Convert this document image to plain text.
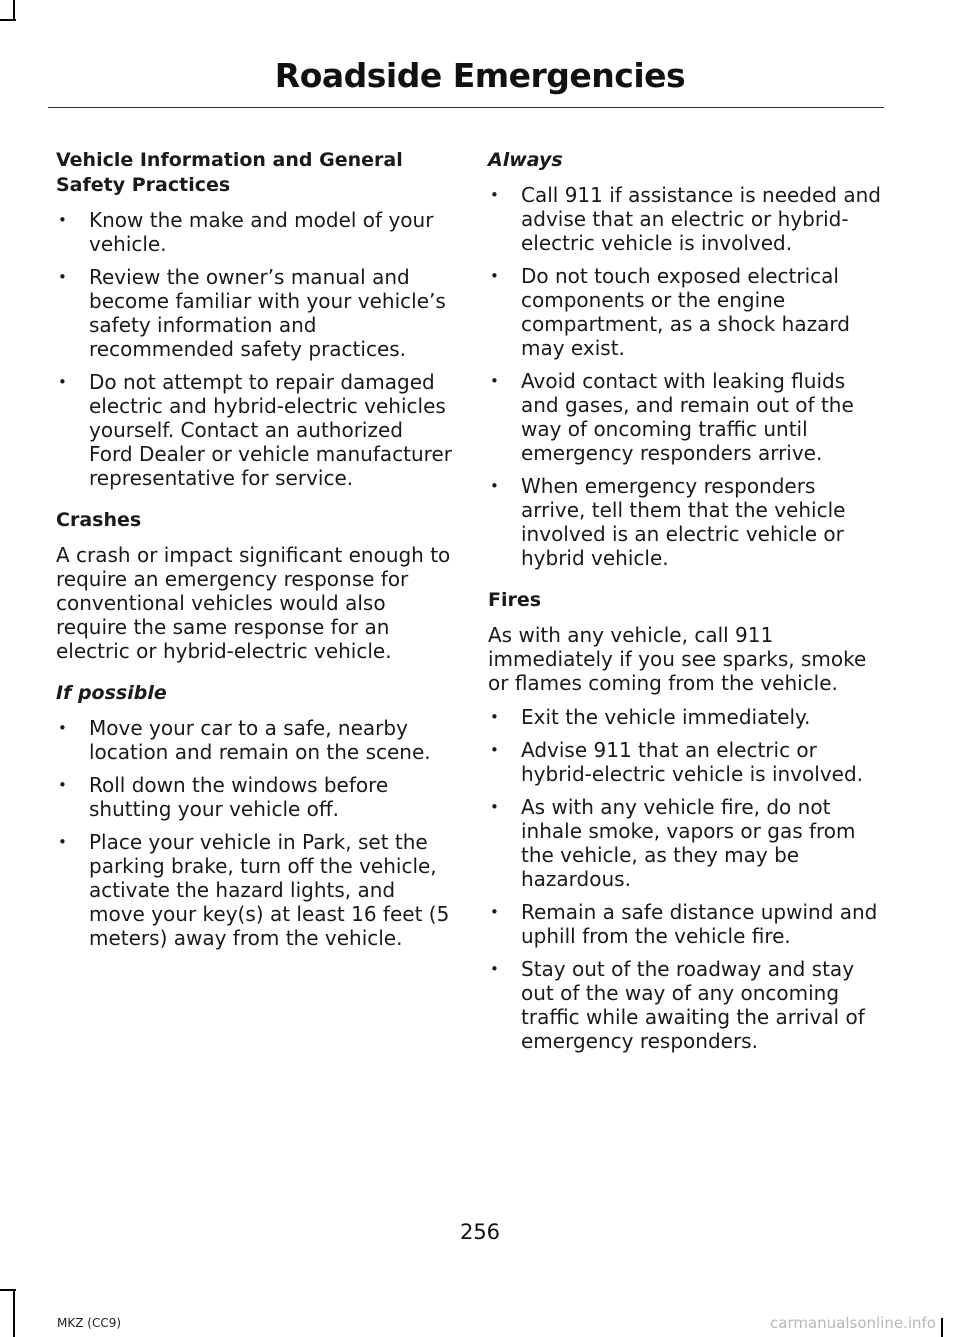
Roadside Emergencies
Vehicle Information and General Safety Practices
• Know the make and model of your vehicle.
• Review the owner’s manual and become familiar with your vehicle’s safety information and recommended safety practices.
• Do not attempt to repair damaged electric and hybrid-electric vehicles yourself. Contact an authorized Ford Dealer or vehicle manufacturer representative for service.
Crashes

A crash or impact significant enough to require an emergency response for conventional vehicles would also require the same response for an electric or hybrid-electric vehicle.

If possible
• Move your car to a safe, nearby location and remain on the scene.
• Roll down the windows before shutting your vehicle off.
• Place your vehicle in Park, set the parking brake, turn off the vehicle, activate the hazard lights, and move your key(s) at least 16 feet (5 meters) away from the vehicle.
Always
• Call 911 if assistance is needed and advise that an electric or hybrid-electric vehicle is involved.
• Do not touch exposed electrical components or the engine compartment, as a shock hazard may exist.
• Avoid contact with leaking fluids and gases, and remain out of the way of oncoming traffic until emergency responders arrive.
• When emergency responders arrive, tell them that the vehicle involved is an electric vehicle or hybrid vehicle.
Fires

As with any vehicle, call 911 immediately if you see sparks, smoke or flames coming from the vehicle.

• Exit the vehicle immediately.
• Advise 911 that an electric or hybrid-electric vehicle is involved.
• As with any vehicle fire, do not inhale smoke, vapors or gas from the vehicle, as they may be hazardous.
• Remain a safe distance upwind and uphill from the vehicle fire.
• Stay out of the roadway and stay out of the way of any oncoming traffic while awaiting the arrival of emergency responders.
256
MKZ (CC9)	carmanualsonline.info
